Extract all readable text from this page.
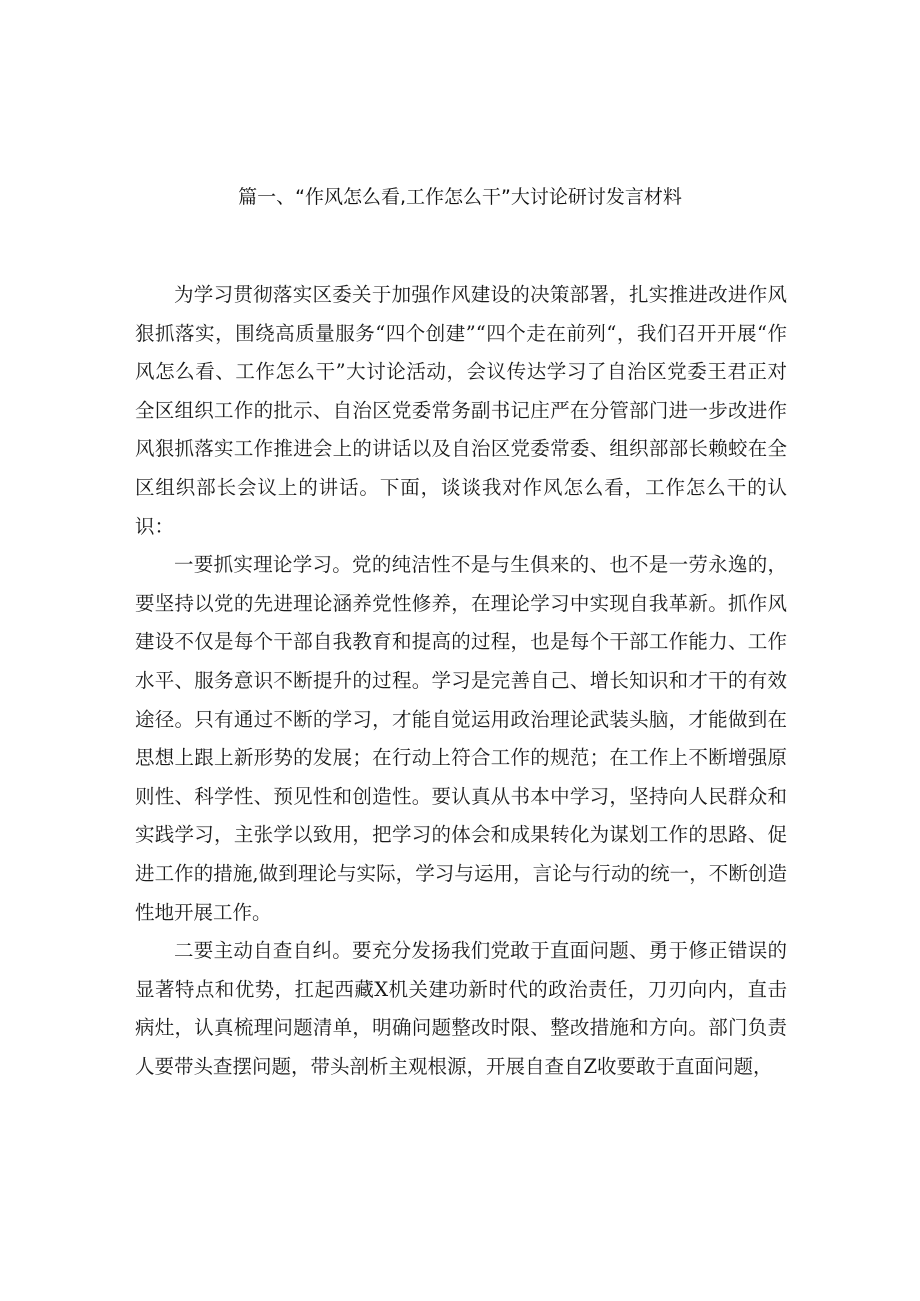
篇一、“作风怎么看,工作怎么干”大讨论研讨发言材料

为学习贯彻落实区委关于加强作风建设的决策部署，扎实推进改进作风狠抓落实，围绕高质量服务“四个创建”“四个走在前列“，我们召开开展“作风怎么看、工作怎么干”大讨论活动，会议传达学习了自治区党委王君正对全区组织工作的批示、自治区党委常务副书记庄严在分管部门进一步改进作风狠抓落实工作推进会上的讲话以及自治区党委常委、组织部部长赖蛟在全区组织部长会议上的讲话。下面，谈谈我对作风怎么看，工作怎么干的认识：

一要抓实理论学习。党的纯洁性不是与生俱来的、也不是一劳永逸的，要坚持以党的先进理论涵养党性修养，在理论学习中实现自我革新。抓作风建设不仅是每个干部自我教育和提高的过程，也是每个干部工作能力、工作水平、服务意识不断提升的过程。学习是完善自己、增长知识和才干的有效途径。只有通过不断的学习，才能自觉运用政治理论武装头脑，才能做到在思想上跟上新形势的发展；在行动上符合工作的规范；在工作上不断增强原则性、科学性、预见性和创造性。要认真从书本中学习，坚持向人民群众和实践学习，主张学以致用，把学习的体会和成果转化为谋划工作的思路、促进工作的措施,做到理论与实际，学习与运用，言论与行动的统一，不断创造性地开展工作。

二要主动自查自纠。要充分发扬我们党敢于直面问题、勇于修正错误的显著特点和优势，扛起西藏X机关建功新时代的政治责任，刀刃向内，直击病灶，认真梳理问题清单，明确问题整改时限、整改措施和方向。部门负责人要带头查摆问题，带头剖析主观根源，开展自查自Z收要敢于直面问题，
